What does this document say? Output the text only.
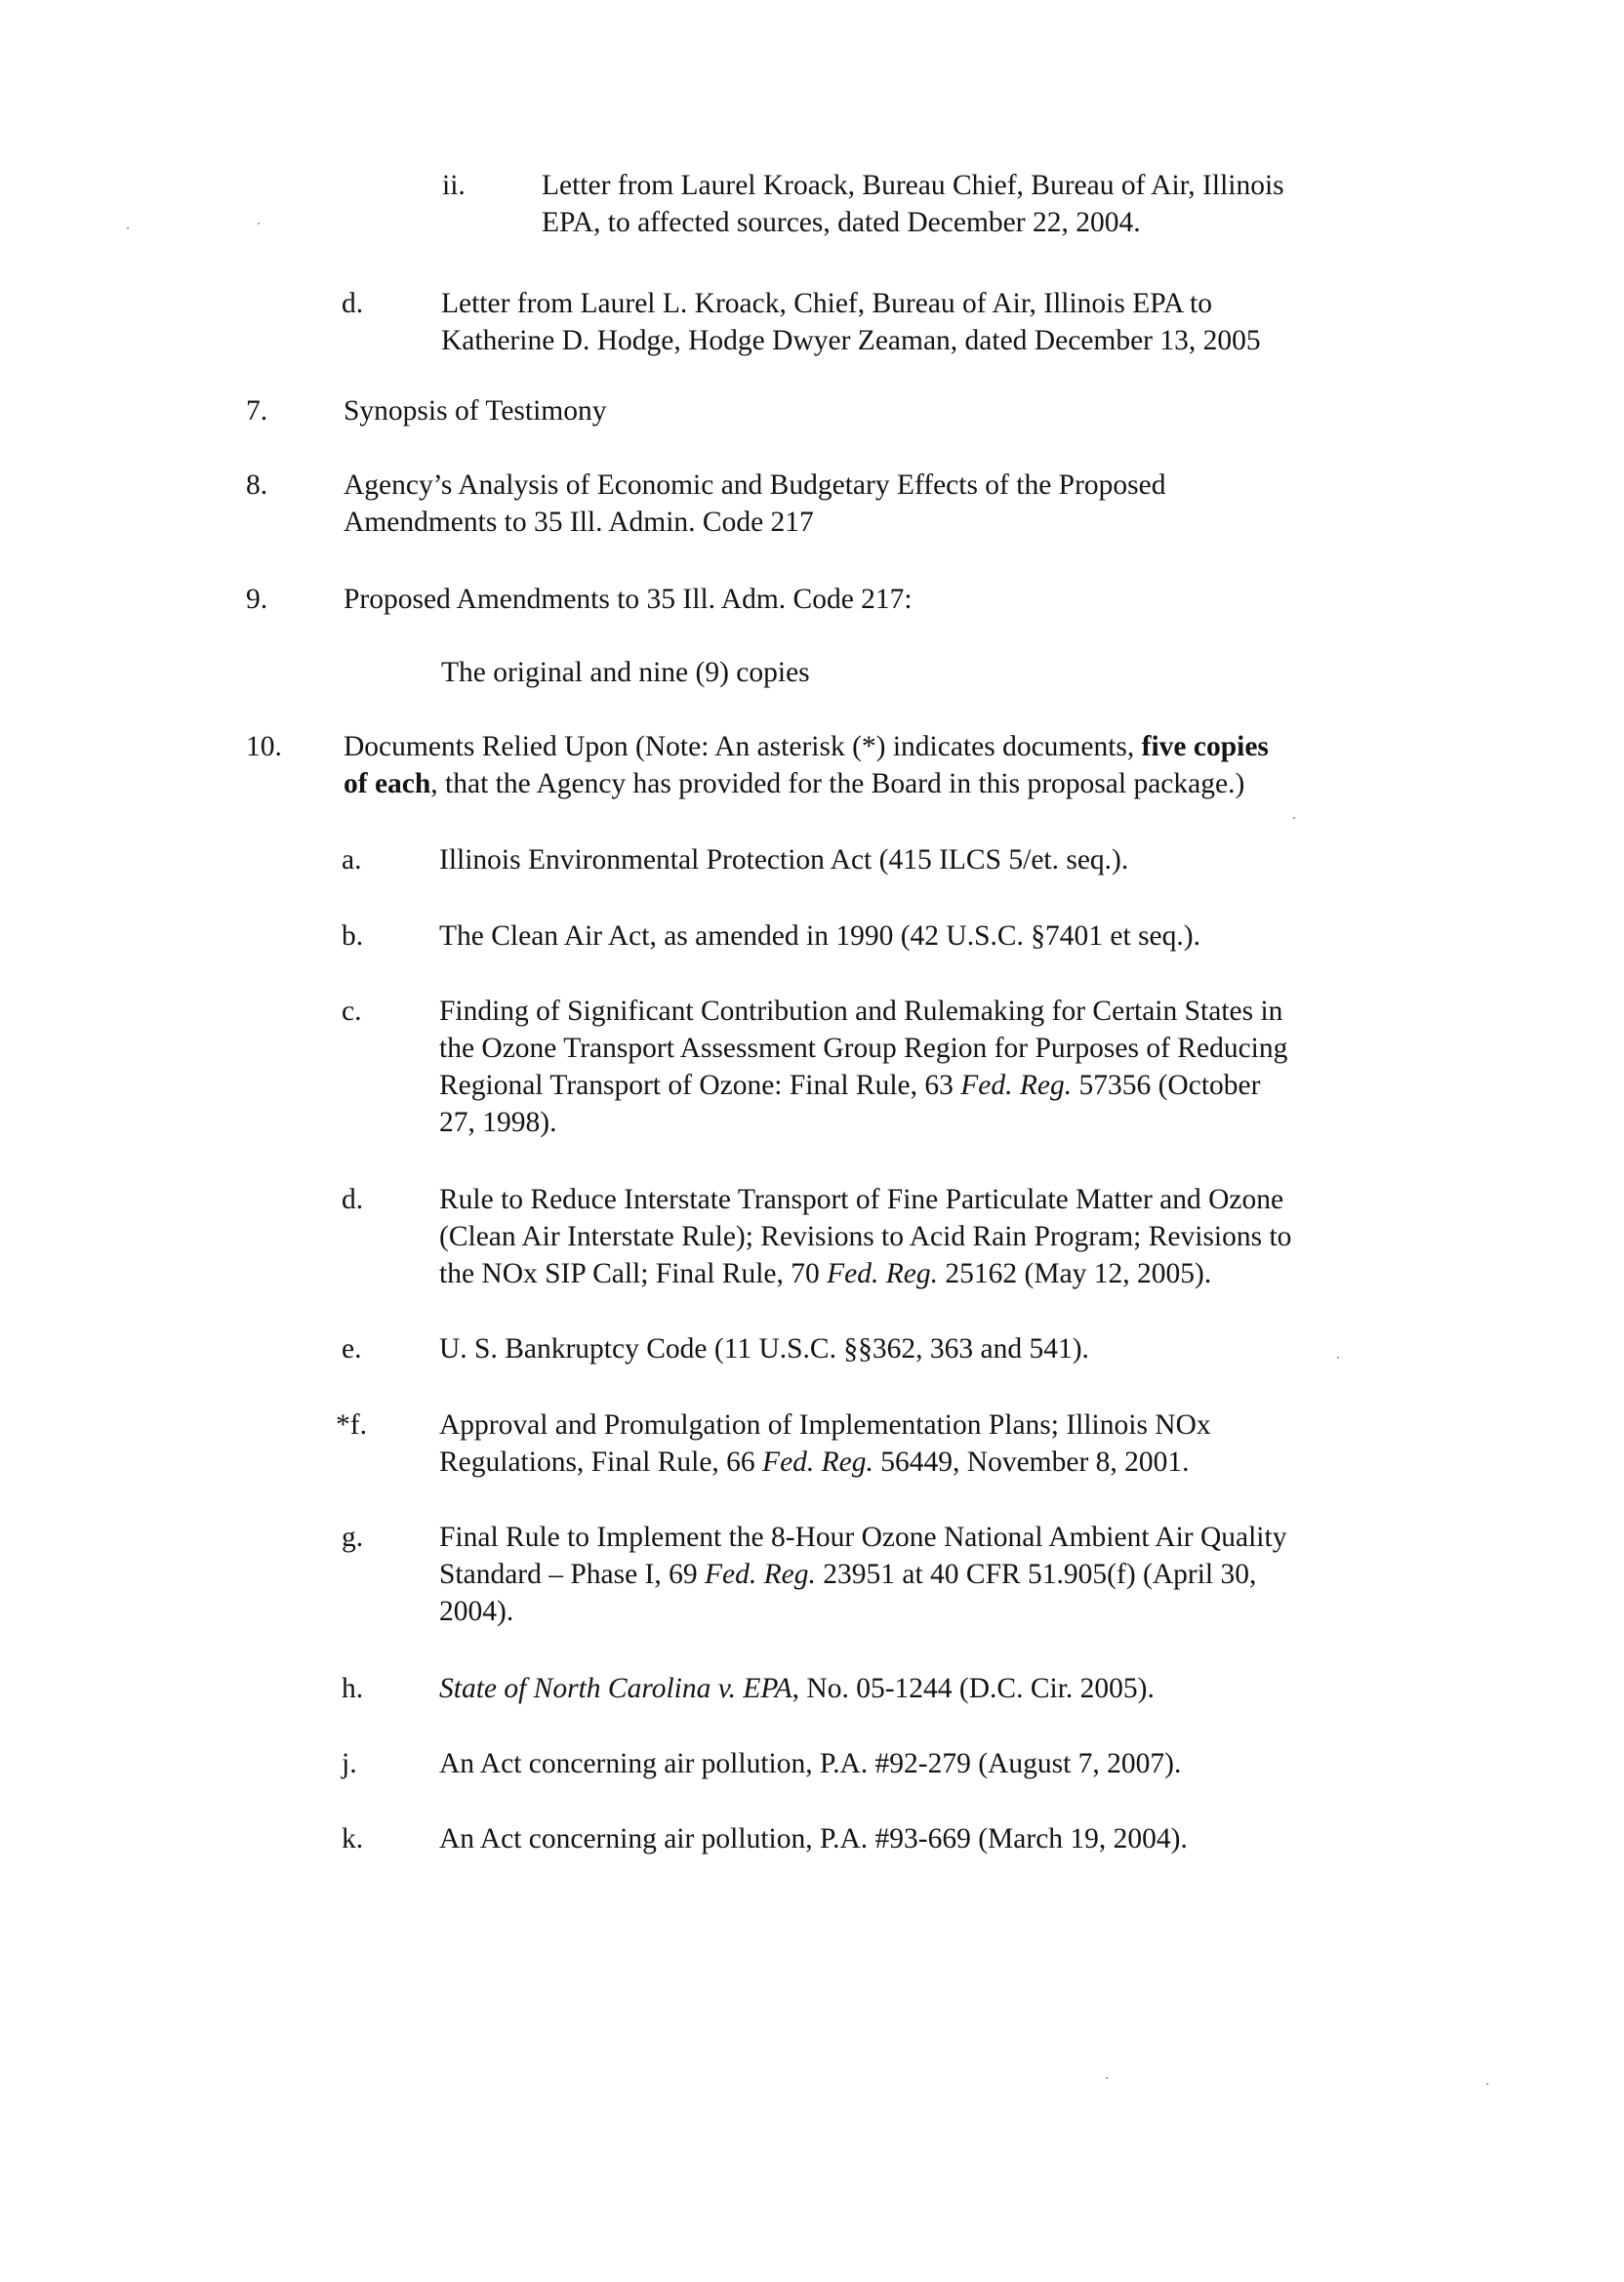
ii.	Letter from Laurel Kroack, Bureau Chief, Bureau of Air, Illinois
EPA, to affected sources, dated December 22, 2004.
d.	Letter from Laurel L. Kroack, Chief, Bureau of Air, Illinois EPA to
Katherine D. Hodge, Hodge Dwyer Zeaman, dated December 13, 2005
7.	Synopsis of Testimony
8.	Agency’s Analysis of Economic and Budgetary Effects of the Proposed
Amendments to 35 Ill. Admin. Code 217
9.	Proposed Amendments to 35 Ill. Adm. Code 217:
The original and nine (9) copies
10. Documents Relied Upon (Note: An asterisk (*) indicates documents, five copies
of each, that the Agency has provided for the Board in this proposal package.)
a.	Illinois Environmental Protection Act (415 ILCS 5/et. seq.).
b.	The Clean Air Act, as amended in 1990 (42 U.S.C. §7401 et seq.).
c.	Finding of Significant Contribution and Rulemaking for Certain States in
the Ozone Transport Assessment Group Region for Purposes of Reducing
Regional Transport of Ozone: Final Rule, 63 Fed. Reg. 57356 (October
27, 1998).
d.	Rule to Reduce Interstate Transport of Fine Particulate Matter and Ozone
(Clean Air Interstate Rule); Revisions to Acid Rain Program; Revisions to
the NOx SIP Call; Final Rule, 70 Fed. Reg. 25162 (May 12, 2005).
e.	U. S. Bankruptcy Code (11 U.S.C. §§362, 363 and 541).
*f.	Approval and Promulgation of Implementation Plans; Illinois NOx
Regulations, Final Rule, 66 Fed. Reg. 56449, November 8, 2001.
g.	Final Rule to Implement the 8-Hour Ozone National Ambient Air Quality
Standard – Phase I, 69 Fed. Reg. 23951 at 40 CFR 51.905(f) (April 30,
2004).
h.	State of North Carolina v. EPA, No. 05-1244 (D.C. Cir. 2005).
j.	An Act concerning air pollution, P.A. #92-279 (August 7, 2007).
k.	An Act concerning air pollution, P.A. #93-669 (March 19, 2004).
